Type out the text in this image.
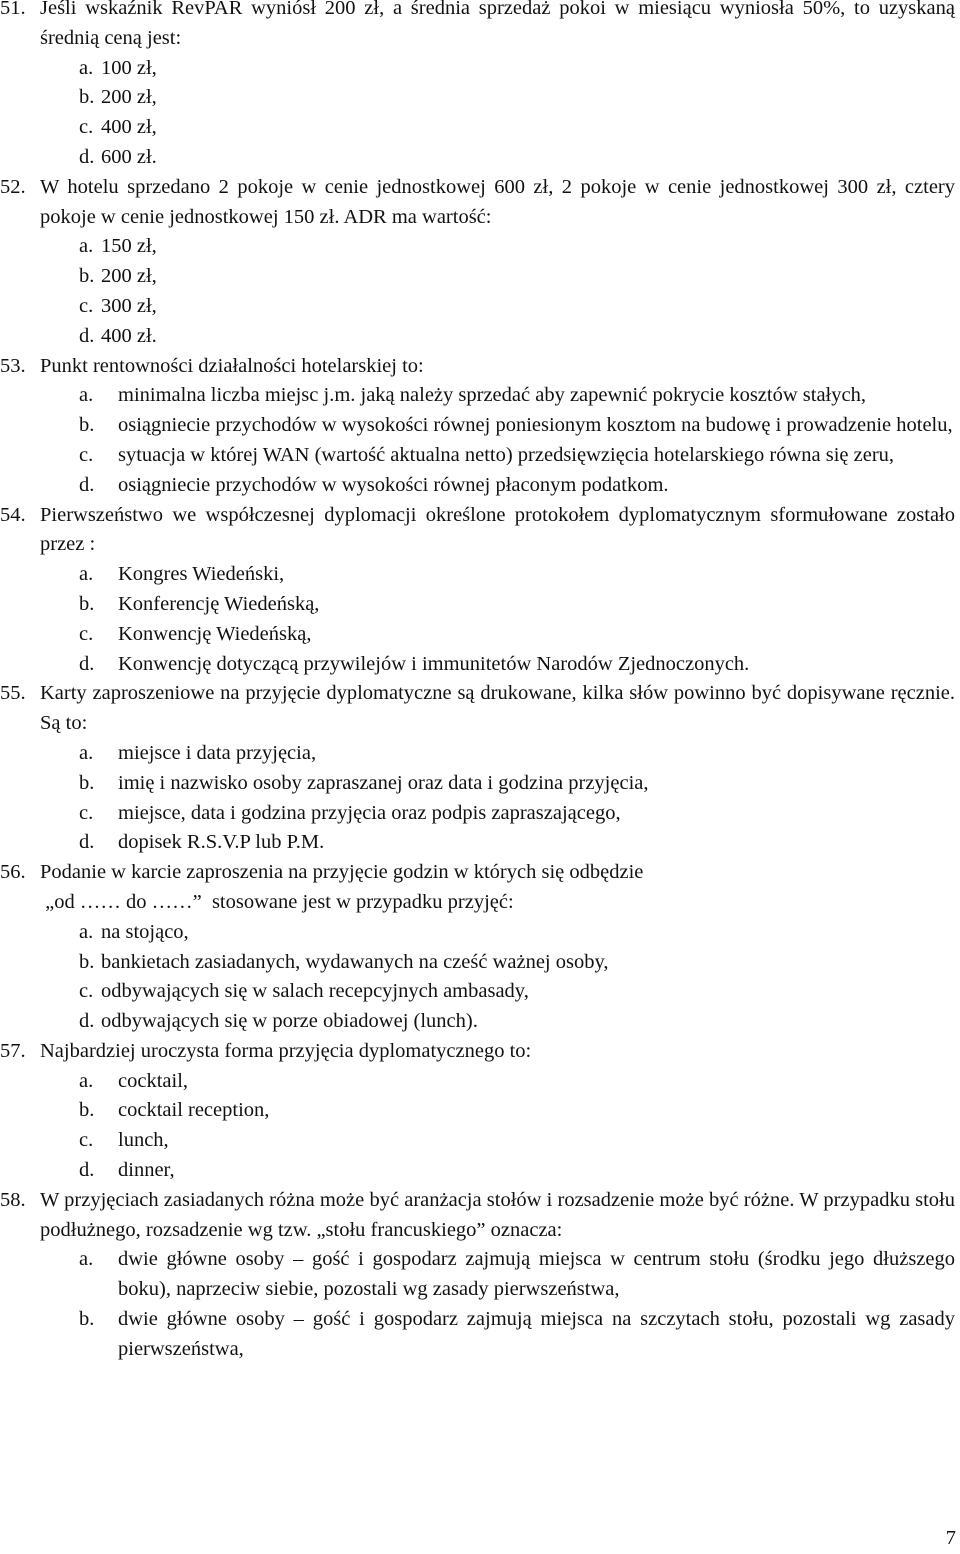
51. Jeśli wskaźnik RevPAR wyniósł 200 zł, a średnia sprzedaż pokoi w miesiącu wyniosła 50%, to uzyskaną średnią ceną jest:
a. 100 zł,
b. 200 zł,
c. 400 zł,
d. 600 zł.
52. W hotelu sprzedano 2 pokoje w cenie jednostkowej 600 zł, 2 pokoje w cenie jednostkowej 300 zł, cztery pokoje w cenie jednostkowej 150 zł. ADR ma wartość:
a. 150 zł,
b. 200 zł,
c. 300 zł,
d. 400 zł.
53. Punkt rentowności działalności hotelarskiej to:
a. minimalna liczba miejsc j.m. jaką należy sprzedać aby zapewnić pokrycie kosztów stałych,
b. osiągniecie przychodów w wysokości równej poniesionym kosztom na budowę i prowadzenie hotelu,
c. sytuacja w której WAN (wartość aktualna netto) przedsięwzięcia hotelarskiego równa się zeru,
d. osiągniecie przychodów w wysokości równej płaconym podatkom.
54. Pierwszeństwo we współczesnej dyplomacji określone protokołem dyplomatycznym sformułowane zostało przez :
a. Kongres Wiedeński,
b. Konferencję Wiedeńską,
c. Konwencję Wiedeńską,
d. Konwencję dotyczącą przywilejów i immunitetów Narodów Zjednoczonych.
55. Karty zaproszeniowe na przyjęcie dyplomatyczne są drukowane, kilka słów powinno być dopisywane ręcznie. Są to:
a. miejsce i data przyjęcia,
b. imię i nazwisko osoby zapraszanej oraz data i godzina przyjęcia,
c. miejsce, data i godzina przyjęcia oraz podpis zapraszającego,
d. dopisek R.S.V.P lub P.M.
56. Podanie w karcie zaproszenia na przyjęcie godzin w których się odbędzie
„od …… do ……”  stosowane jest w przypadku przyjęć:
a. na stojąco,
b. bankietach zasiadanych, wydawanych na cześć ważnej osoby,
c. odbywających się w salach recepcyjnych ambasady,
d. odbywających się w porze obiadowej (lunch).
57. Najbardziej uroczysta forma przyjęcia dyplomatycznego to:
a. cocktail,
b. cocktail reception,
c. lunch,
d. dinner,
58. W przyjęciach zasiadanych różna może być aranżacja stołów i rozsadzenie może być różne. W przypadku stołu podłużnego, rozsadzenie wg tzw. „stołu francuskiego” oznacza:
a. dwie główne osoby – gość i gospodarz zajmują miejsca w centrum stołu (środku jego dłuższego boku), naprzeciw siebie, pozostali wg zasady pierwszeństwa,
b. dwie główne osoby – gość i gospodarz zajmują miejsca na szczytach stołu, pozostali wg zasady pierwszeństwa,
7
